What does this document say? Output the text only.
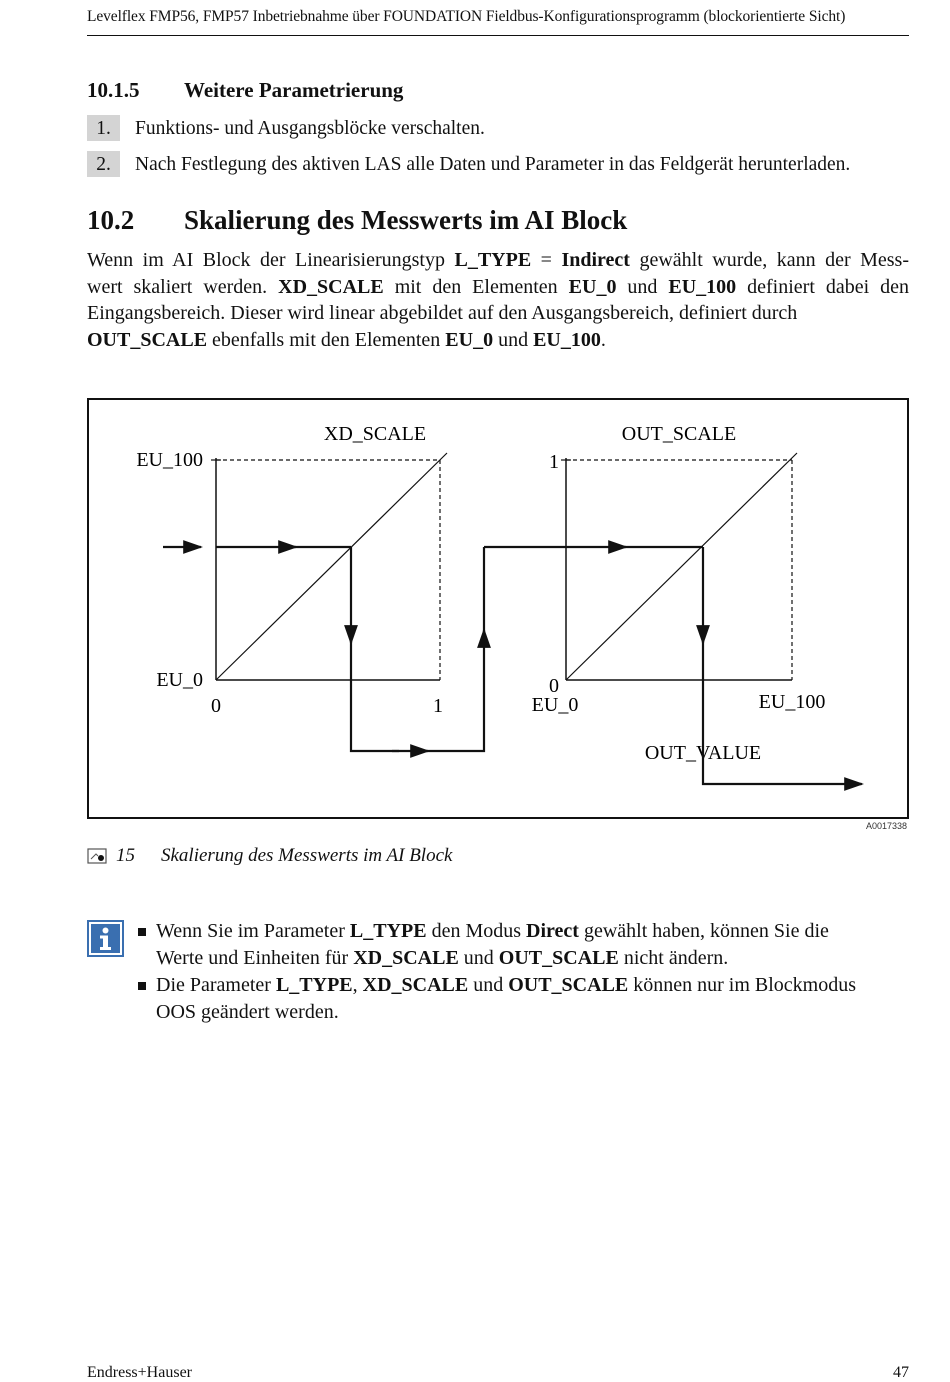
Levelflex FMP56, FMP57 Inbetriebnahme über FOUNDATION Fieldbus-Konfigurationsprogramm (blockorientierte Sicht)
10.1.5 Weitere Parametrierung
1.	Funktions- und Ausgangsblöcke verschalten.
2.	Nach Festlegung des aktiven LAS alle Daten und Parameter in das Feldgerät herunterladen.
10.2 Skalierung des Messwerts im AI Block
Wenn im AI Block der Linearisierungstyp L_TYPE = Indirect gewählt wurde, kann der Mess-
wert skaliert werden. XD_SCALE mit den Elementen EU_0 und EU_100 definiert dabei den
Eingangsbereich. Dieser wird linear abgebildet auf den Ausgangsbereich, definiert durch
OUT_SCALE ebenfalls mit den Elementen EU_0 und EU_100.
XD_SCALE
EU_100
EU_0
0	1
OUT_SCALE
1
0
EU_0	EU_100
OUT_VALUE
A0017338
15 Skalierung des Messwerts im AI Block
Wenn Sie im Parameter L_TYPE den Modus Direct gewählt haben, können Sie die
Werte und Einheiten für XD_SCALE und OUT_SCALE nicht ändern.
Die Parameter L_TYPE, XD_SCALE und OUT_SCALE können nur im Blockmodus
OOS geändert werden.
Endress+Hauser	47
